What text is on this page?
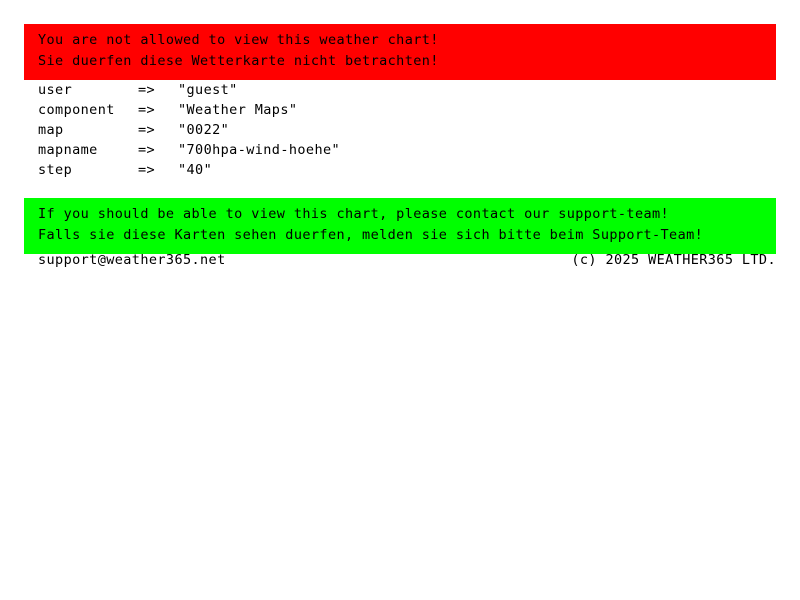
You are not allowed to view this weather chart!
Sie duerfen diese Wetterkarte nicht betrachten!
user	=> "guest"
component => "Weather Maps"
map	=> "0022"
mapname	=> "700hpa-wind-hoehe"
step	=> "40"
If you should be able to view this chart, please contact our support-team!
Falls sie diese Karten sehen duerfen, melden sie sich bitte beim Support-Team!
support@weather365.net	(c) 2025 WEATHER365 LTD.
